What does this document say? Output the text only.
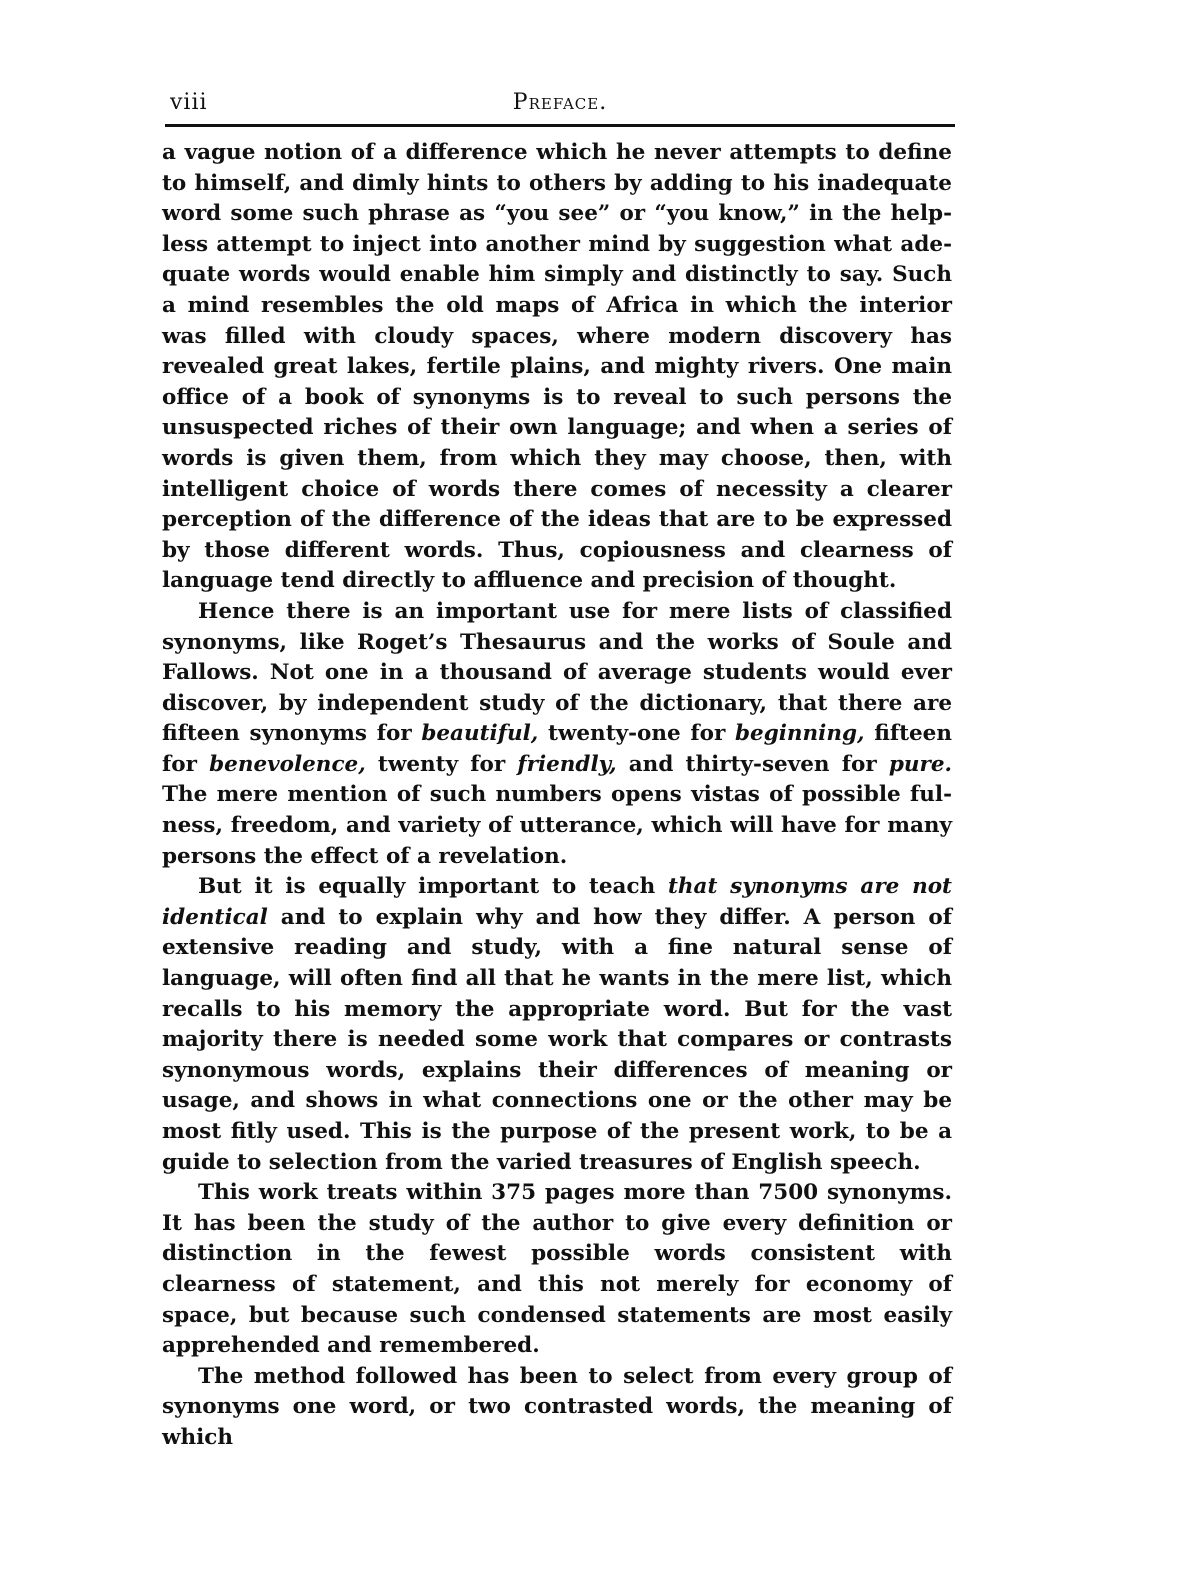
viii	Preface.

a vague notion of a difference which he never attempts to define to himself, and dimly hints to others by adding to his inadequate word some such phrase as “you see” or “you know,” in the helpless attempt to inject into another mind by suggestion what adequate words would enable him simply and distinctly to say. Such a mind resembles the old maps of Africa in which the interior was filled with cloudy spaces, where modern discovery has revealed great lakes, fertile plains, and mighty rivers. One main office of a book of synonyms is to reveal to such persons the unsuspected riches of their own language; and when a series of words is given them, from which they may choose, then, with intelligent choice of words there comes of necessity a clearer perception of the difference of the ideas that are to be expressed by those different words. Thus, copiousness and clearness of language tend directly to affluence and precision of thought.

Hence there is an important use for mere lists of classified synonyms, like Roget’s Thesaurus and the works of Soule and Fallows. Not one in a thousand of average students would ever discover, by independent study of the dictionary, that there are fifteen synonyms for beautiful, twenty-one for beginning, fifteen for benevolence, twenty for friendly, and thirty-seven for pure. The mere mention of such numbers opens vistas of possible fulness, freedom, and variety of utterance, which will have for many persons the effect of a revelation.

But it is equally important to teach that synonyms are not identical and to explain why and how they differ. A person of extensive reading and study, with a fine natural sense of language, will often find all that he wants in the mere list, which recalls to his memory the appropriate word. But for the vast majority there is needed some work that compares or contrasts synonymous words, explains their differences of meaning or usage, and shows in what connections one or the other may be most fitly used. This is the purpose of the present work, to be a guide to selection from the varied treasures of English speech.

This work treats within 375 pages more than 7500 synonyms. It has been the study of the author to give every definition or distinction in the fewest possible words consistent with clearness of statement, and this not merely for economy of space, but because such condensed statements are most easily apprehended and remembered.

The method followed has been to select from every group of synonyms one word, or two contrasted words, the meaning of which
